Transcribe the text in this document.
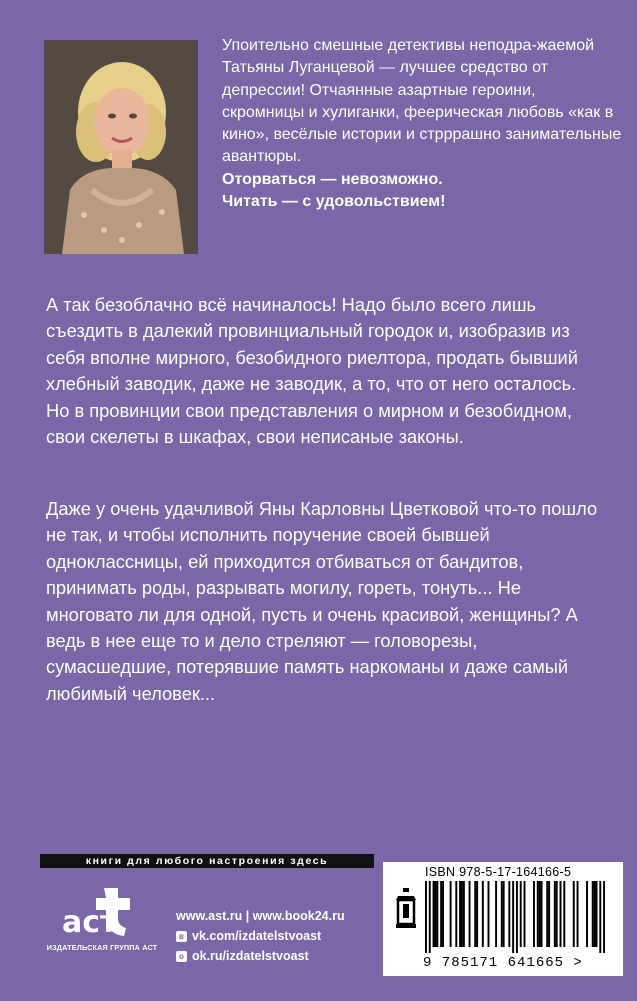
Упоительно смешные детективы неподра-жаемой Татьяны Луганцевой — лучшее средство от депрессии! Отчаянные азартные героини, скромницы и хулиганки, феерическая любовь «как в кино», весёлые истории и стрррашно занимательные авантюры.

Оторваться — невозможно.

Читать — с удовольствием!

А так безоблачно всё начиналось! Надо было всего лишь съездить в далекий провинциальный городок и, изобразив из себя вполне мирного, безобидного риелтора, продать бывший хлебный заводик, даже не заводик, а то, что от него осталось. Но в провинции свои представления о мирном и безобидном, свои скелеты в шкафах, свои неписаные законы.

Даже у очень удачливой Яны Карловны Цветковой что-то пошло не так, и чтобы исполнить поручение своей бывшей одноклассницы, ей приходится отбиваться от бандитов, принимать роды, разрывать могилу, гореть, тонуть... Не многовато ли для одной, пусть и очень красивой, женщины? А ведь в нее еще то и дело стреляют — головорезы, сумасшедшие, потерявшие память наркоманы и даже самый любимый человек...

книги для любого настроения здесь
аст
ИЗДАТЕЛЬСКАЯ ГРУППА АСТ
www.ast.ru | www.book24.ru
в vk.com/izdatelstvoast
о ok.ru/izdatelstvoast
ISBN 978-5-17-164166-5
9 785171 641665 >
